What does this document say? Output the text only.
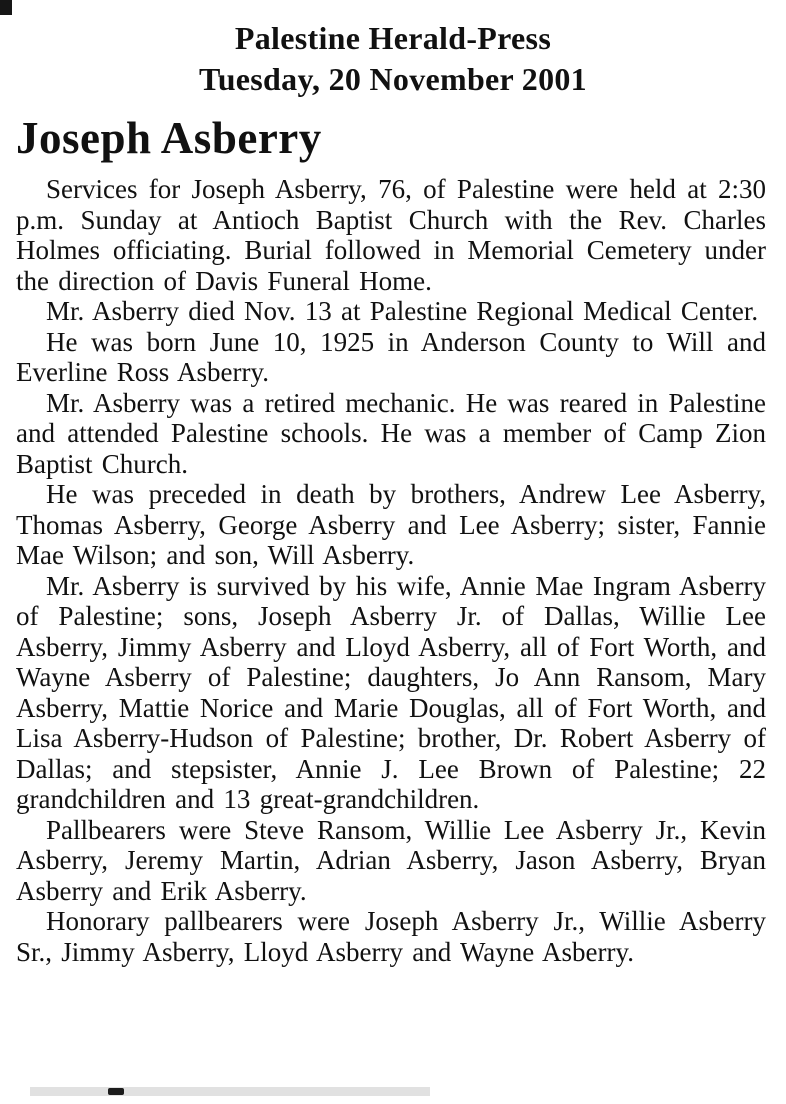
Palestine Herald-Press
Tuesday, 20 November 2001
Joseph Asberry

Services for Joseph Asberry, 76, of Palestine were held at 2:30 p.m. Sunday at Antioch Baptist Church with the Rev. Charles Holmes officiating. Burial followed in Memorial Cemetery under the direction of Davis Funeral Home.

Mr. Asberry died Nov. 13 at Palestine Regional Medical Center.

He was born June 10, 1925 in Anderson County to Will and Everline Ross Asberry.

Mr. Asberry was a retired mechanic. He was reared in Palestine and attended Palestine schools. He was a member of Camp Zion Baptist Church.

He was preceded in death by brothers, Andrew Lee Asberry, Thomas Asberry, George Asberry and Lee Asberry; sister, Fannie Mae Wilson; and son, Will Asberry.

Mr. Asberry is survived by his wife, Annie Mae Ingram Asberry of Palestine; sons, Joseph Asberry Jr. of Dallas, Willie Lee Asberry, Jimmy Asberry and Lloyd Asberry, all of Fort Worth, and Wayne Asberry of Palestine; daughters, Jo Ann Ransom, Mary Asberry, Mattie Norice and Marie Douglas, all of Fort Worth, and Lisa Asberry-Hudson of Palestine; brother, Dr. Robert Asberry of Dallas; and stepsister, Annie J. Lee Brown of Palestine; 22 grandchildren and 13 great-grandchildren.

Pallbearers were Steve Ransom, Willie Lee Asberry Jr., Kevin Asberry, Jeremy Martin, Adrian Asberry, Jason Asberry, Bryan Asberry and Erik Asberry.

Honorary pallbearers were Joseph Asberry Jr., Willie Asberry Sr., Jimmy Asberry, Lloyd Asberry and Wayne Asberry.
